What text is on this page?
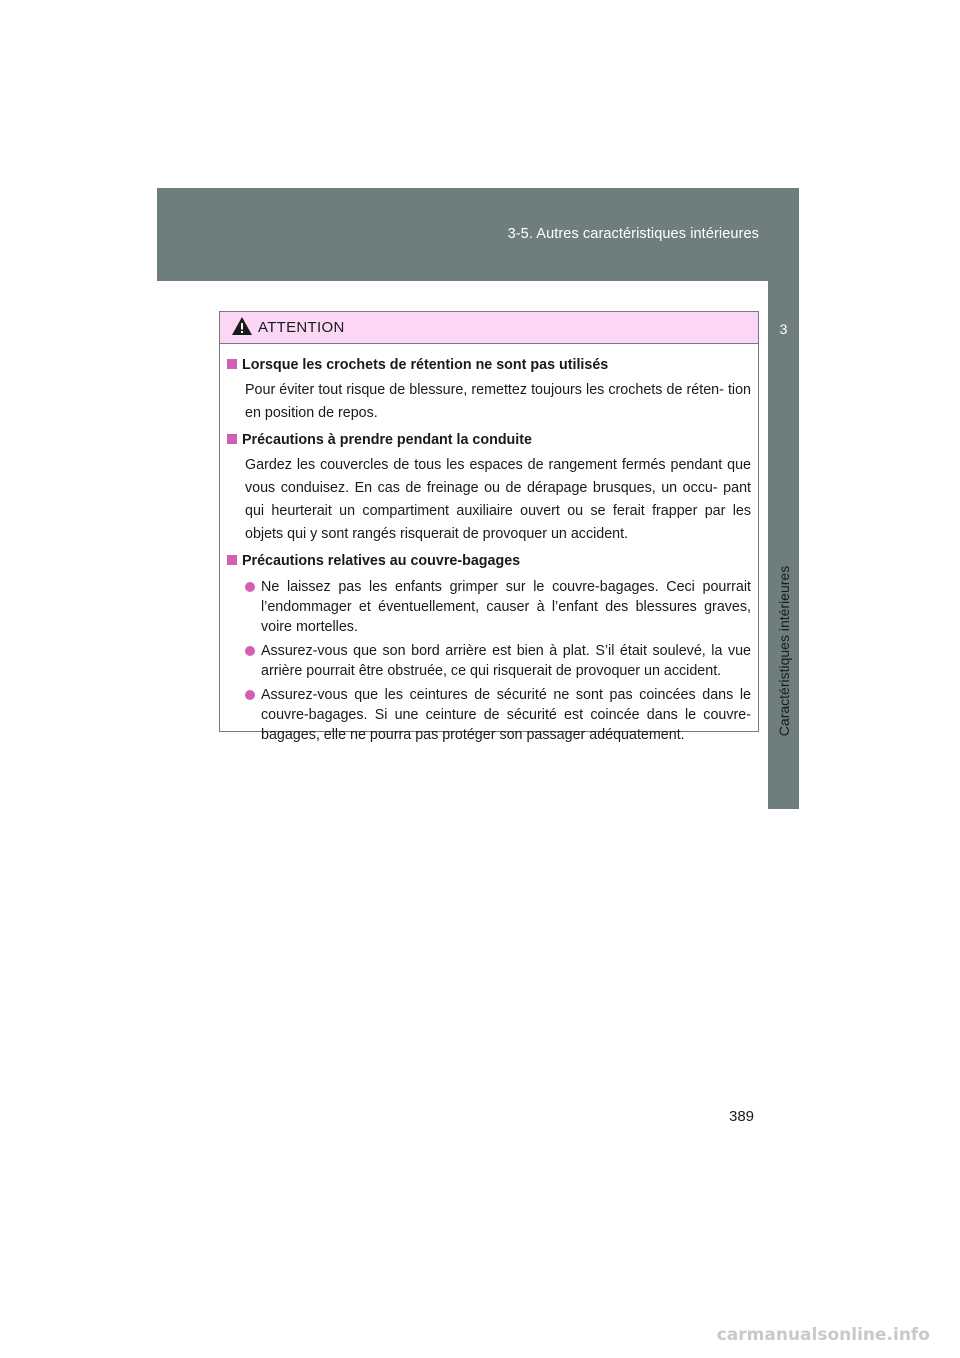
3-5. Autres caractéristiques intérieures
3
Caractéristiques intérieures
ATTENTION
Lorsque les crochets de rétention ne sont pas utilisés
Pour éviter tout risque de blessure, remettez toujours les crochets de réten- tion en position de repos.
Précautions à prendre pendant la conduite
Gardez les couvercles de tous les espaces de rangement fermés pendant que vous conduisez. En cas de freinage ou de dérapage brusques, un occu- pant qui heurterait un compartiment auxiliaire ouvert ou se ferait frapper par les objets qui y sont rangés risquerait de provoquer un accident.
Précautions relatives au couvre-bagages
Ne laissez pas les enfants grimper sur le couvre-bagages. Ceci pourrait l’endommager et éventuellement, causer à l’enfant des blessures graves, voire mortelles.
Assurez-vous que son bord arrière est bien à plat. S’il était soulevé, la vue arrière pourrait être obstruée, ce qui risquerait de provoquer un accident.
Assurez-vous que les ceintures de sécurité ne sont pas coincées dans le couvre-bagages. Si une ceinture de sécurité est coincée dans le couvre- bagages, elle ne pourra pas protéger son passager adéquatement.
389
carmanualsonline.info
